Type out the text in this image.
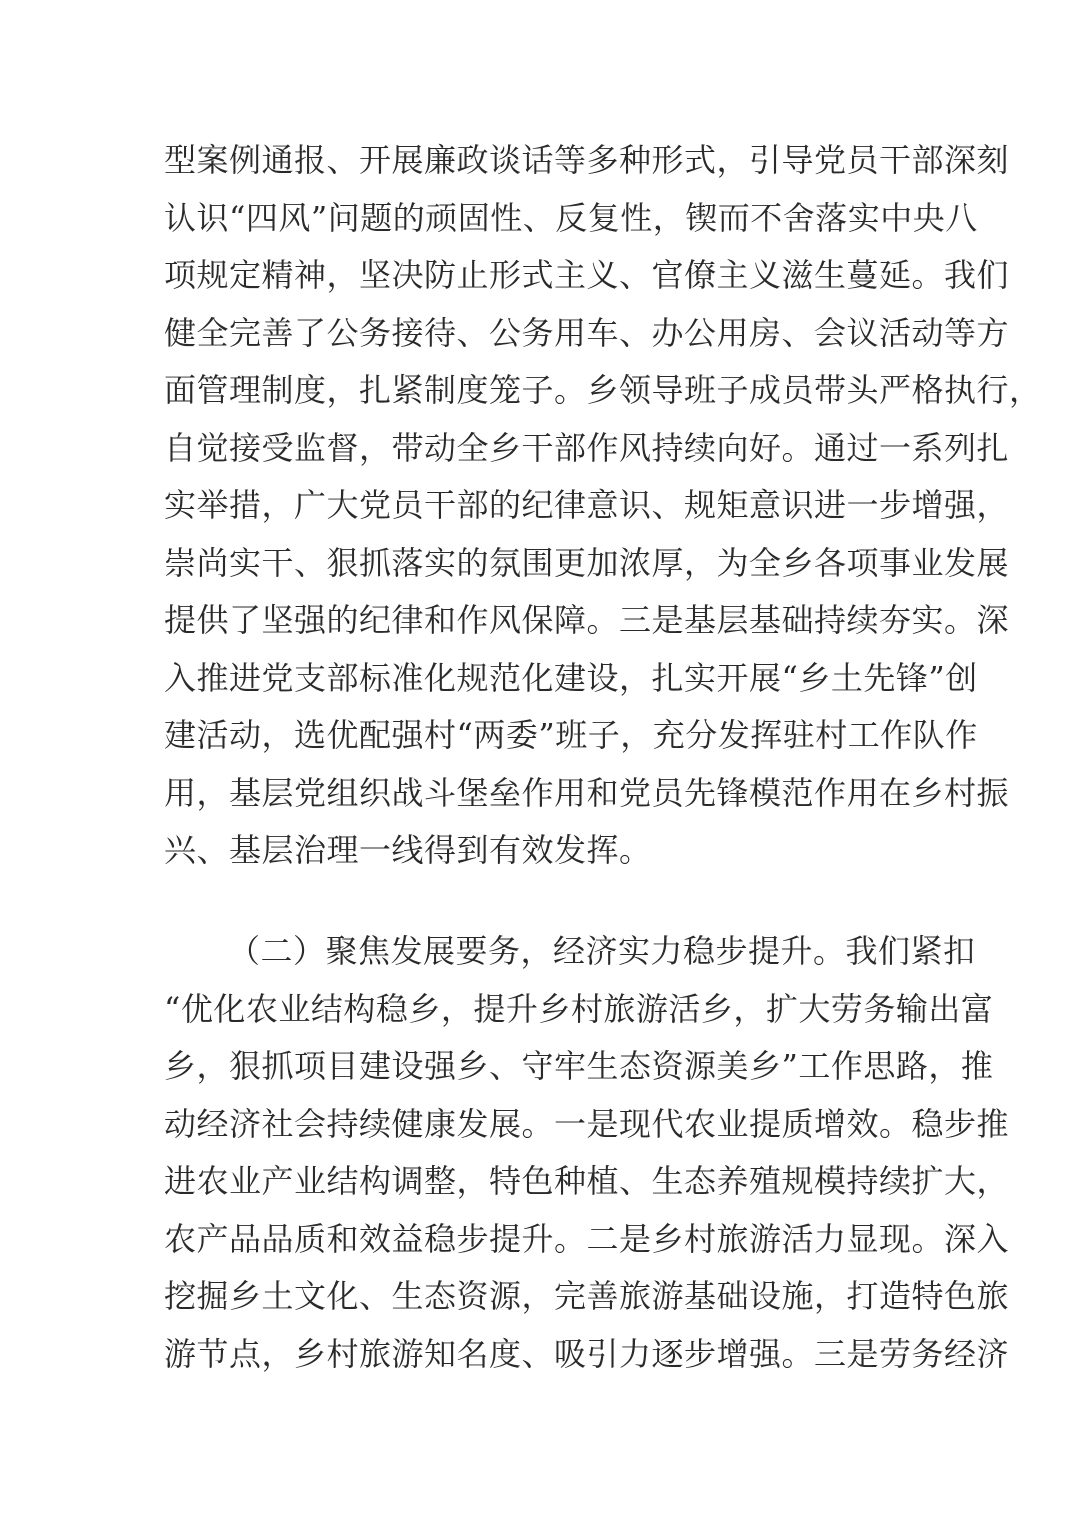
型案例通报、开展廉政谈话等多种形式，引导党员干部深刻
认识“四风”问题的顽固性、反复性，锲而不舍落实中央八
项规定精神，坚决防止形式主义、官僚主义滋生蔓延。我们
健全完善了公务接待、公务用车、办公用房、会议活动等方
面管理制度，扎紧制度笼子。乡领导班子成员带头严格执行，
自觉接受监督，带动全乡干部作风持续向好。通过一系列扎
实举措，广大党员干部的纪律意识、规矩意识进一步增强，
崇尚实干、狠抓落实的氛围更加浓厚，为全乡各项事业发展
提供了坚强的纪律和作风保障。三是基层基础持续夯实。深
入推进党支部标准化规范化建设，扎实开展“乡土先锋”创
建活动，选优配强村“两委”班子，充分发挥驻村工作队作
用，基层党组织战斗堡垒作用和党员先锋模范作用在乡村振
兴、基层治理一线得到有效发挥。
（二）聚焦发展要务，经济实力稳步提升。我们紧扣
“优化农业结构稳乡，提升乡村旅游活乡，扩大劳务输出富
乡，狠抓项目建设强乡、守牢生态资源美乡”工作思路，推
动经济社会持续健康发展。一是现代农业提质增效。稳步推
进农业产业结构调整，特色种植、生态养殖规模持续扩大，
农产品品质和效益稳步提升。二是乡村旅游活力显现。深入
挖掘乡土文化、生态资源，完善旅游基础设施，打造特色旅
游节点，乡村旅游知名度、吸引力逐步增强。三是劳务经济
